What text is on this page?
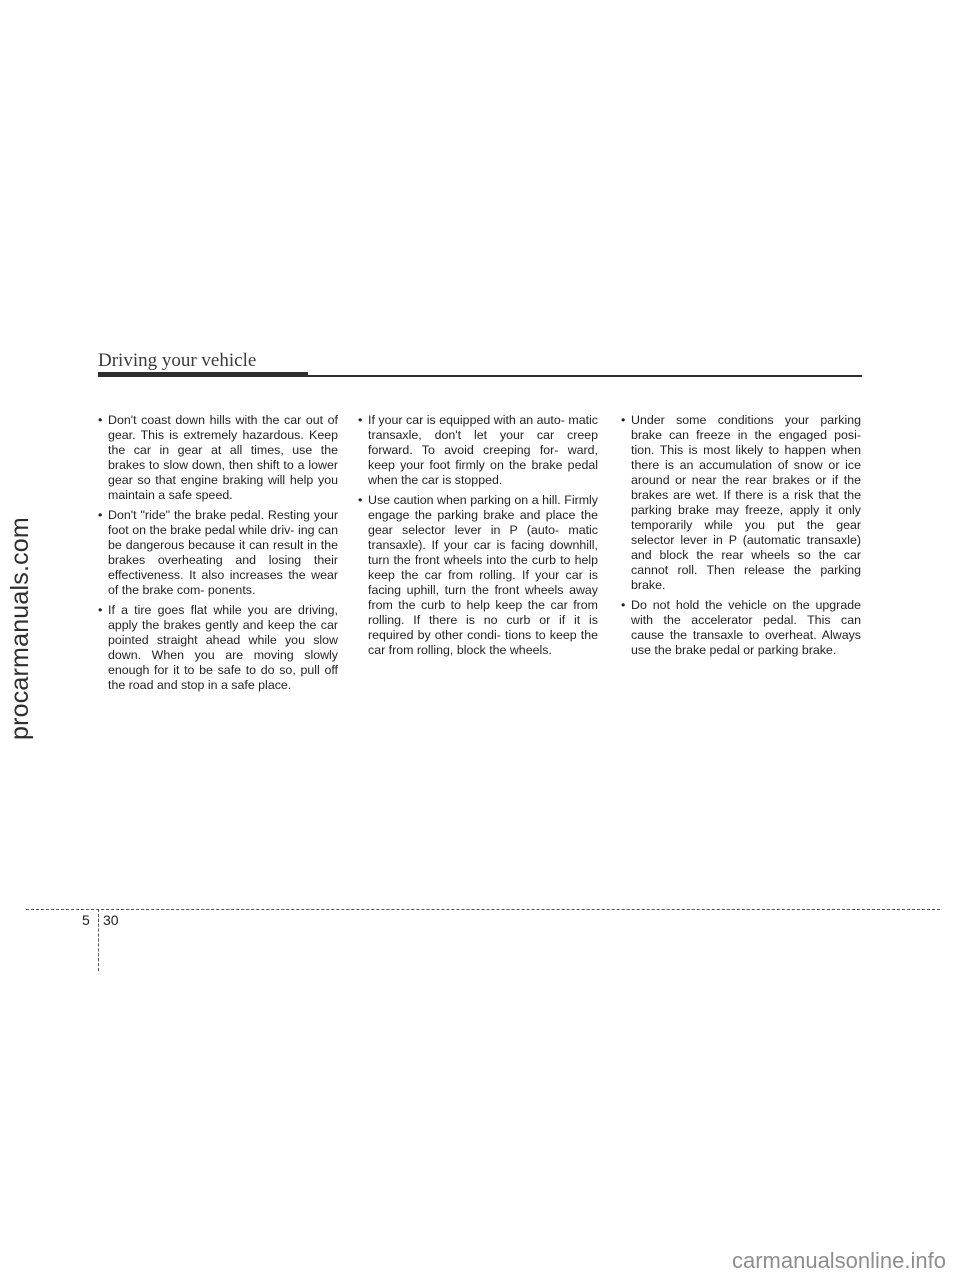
Driving your vehicle
• Don't coast down hills with the car out of gear. This is extremely hazardous. Keep the car in gear at all times, use the brakes to slow down, then shift to a lower gear so that engine braking will help you maintain a safe speed.
• Don't "ride" the brake pedal. Resting your foot on the brake pedal while driv- ing can be dangerous because it can result in the brakes overheating and losing their effectiveness. It also increases the wear of the brake com- ponents.
• If a tire goes flat while you are driving, apply the brakes gently and keep the car pointed straight ahead while you slow down. When you are moving slowly enough for it to be safe to do so, pull off the road and stop in a safe place.
• If your car is equipped with an auto- matic transaxle, don't let your car creep forward. To avoid creeping for- ward, keep your foot firmly on the brake pedal when the car is stopped.
• Use caution when parking on a hill. Firmly engage the parking brake and place the gear selector lever in P (auto- matic transaxle). If your car is facing downhill, turn the front wheels into the curb to help keep the car from rolling. If your car is facing uphill, turn the front wheels away from the curb to help keep the car from rolling. If there is no curb or if it is required by other condi- tions to keep the car from rolling, block the wheels.
• Under some conditions your parking brake can freeze in the engaged posi- tion. This is most likely to happen when there is an accumulation of snow or ice around or near the rear brakes or if the brakes are wet. If there is a risk that the parking brake may freeze, apply it only temporarily while you put the gear selector lever in P (automatic transaxle) and block the rear wheels so the car cannot roll. Then release the parking brake.
• Do not hold the vehicle on the upgrade with the accelerator pedal. This can cause the transaxle to overheat. Always use the brake pedal or parking brake.
procarmanuals.com
5 30
carmanualsonline.info
